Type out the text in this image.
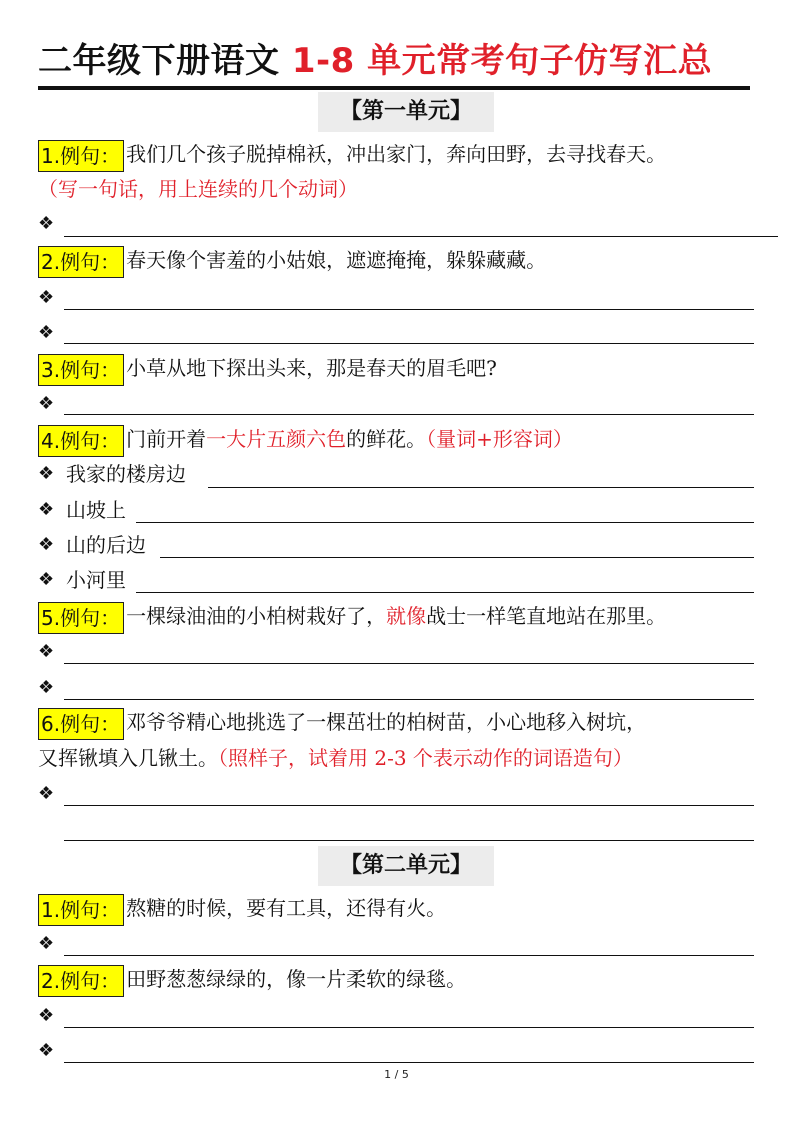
二年级下册语文 1-8 单元常考句子仿写汇总
【第一单元】
1.例句： 我们几个孩子脱掉棉袄，冲出家门，奔向田野，去寻找春天。
（写一句话，用上连续的几个动词）
❖
2.例句： 春天像个害羞的小姑娘，遮遮掩掩，躲躲藏藏。
❖
❖
3.例句： 小草从地下探出头来，那是春天的眉毛吧?
❖
4.例句： 门前开着一大片五颜六色的鲜花。（量词+形容词）
❖ 我家的楼房边
❖ 山坡上
❖ 山的后边
❖ 小河里
5.例句： 一棵绿油油的小柏树栽好了，就像战士一样笔直地站在那里。
❖
❖
6.例句： 邓爷爷精心地挑选了一棵茁壮的柏树苗，小心地移入树坑，
又挥锹填入几锹土。（照样子，试着用 2-3 个表示动作的词语造句）
❖
【第二单元】
1.例句： 熬糖的时候，要有工具，还得有火。
❖
2.例句： 田野葱葱绿绿的，像一片柔软的绿毯。
❖
❖
1 / 5
